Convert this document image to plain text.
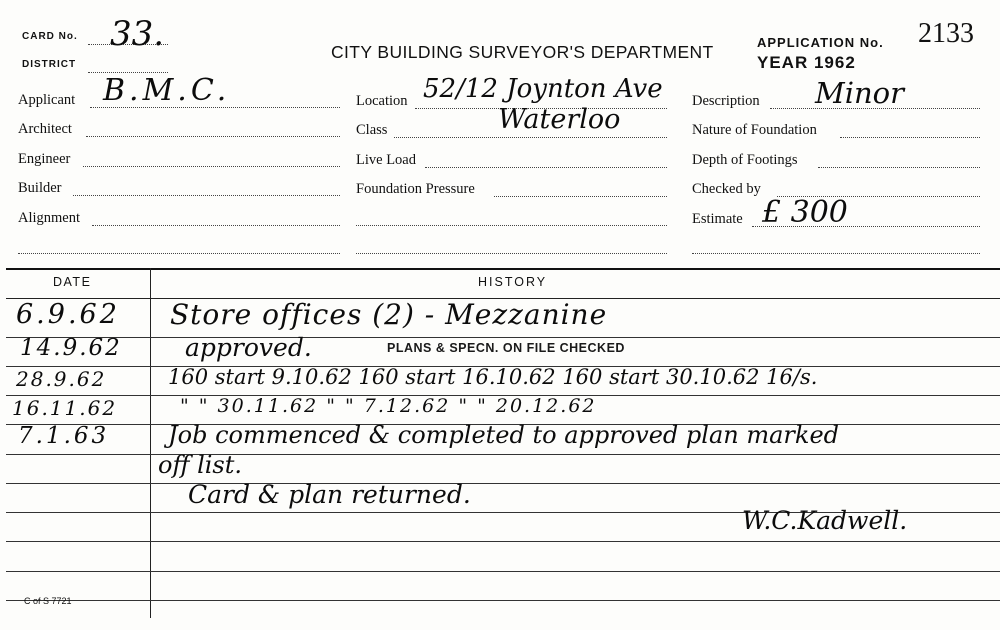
CARD No. 33.
DISTRICT
CITY BUILDING SURVEYOR'S DEPARTMENT	APPLICATION No. 2133
YEAR 1962
Applicant B.M.C.
Architect
Engineer
Builder
Alignment
Location 52/12 Joynton Ave
Waterloo
Class
Live Load
Foundation Pressure
Description Minor
Nature of Foundation
Depth of Footings
Checked by
Estimate £ 300
DATE	HISTORY
6.9.62 Store offices (2) - Mezzanine
14.9.62	approved.	PLANS & SPECN. ON FILE CHECKED
28.9.62	160 start 9.10.62 160 start 16.10.62 160 start 30.10.62 16/s.
16.11.62	" " 30.11.62 " " 7.12.62 " " 20.12.62
7.1.63 Job commenced & completed to approved plan marked
off list.
Card & plan returned.
W.C.Kadwell.
C of S 7721
